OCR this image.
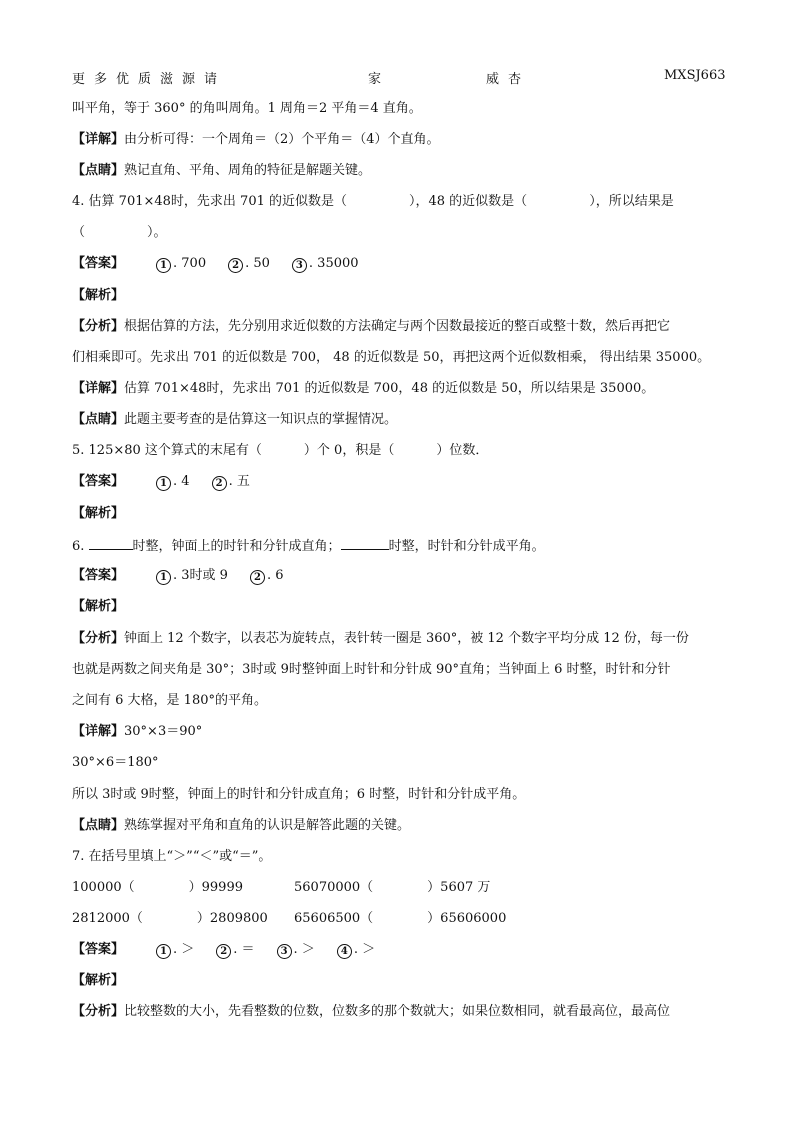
更多优质滋源请	家	威杏	MXSJ663
叫平角，等于 360° 的角叫周角。1 周角＝2 平角＝4 直角。
【详解】由分析可得：一个周角＝（2）个平角＝（4）个直角。
【点睛】熟记直角、平角、周角的特征是解题关键。
4. 估算 701×48时，先求出 701 的近似数是（	），48 的近似数是（	），所以结果是
（	）。
【答案】	1 . 700	2 . 50	3 . 35000
【解析】
【分析】根据估算的方法，先分别用求近似数的方法确定与两个因数最接近的整百或整十数，然后再把它
们相乘即可。先求出 701 的近似数是 700， 48 的近似数是 50，再把这两个近似数相乘， 得出结果 35000。
【详解】估算 701×48时，先求出 701 的近似数是 700，48 的近似数是 50，所以结果是 35000。
【点睛】此题主要考查的是估算这一知识点的掌握情况。
5. 125×80 这个算式的末尾有（	）个 0，积是（	）位数．
【答案】	1 . 4	2 . 五
【解析】
6.	时整，钟面上的时针和分针成直角；	时整，时针和分针成平角。
【答案】	1 . 3时或 9	2 . 6
【解析】
【分析】钟面上 12 个数字，以表芯为旋转点，表针转一圈是 360°，被 12 个数字平均分成 12 份，每一份
也就是两数之间夹角是 30°；3时或 9时整钟面上时针和分针成 90°直角；当钟面上 6 时整，时针和分针
之间有 6 大格，是 180°的平角。
【详解】30°×3＝90°
30°×6＝180°
所以 3时或 9时整，钟面上的时针和分针成直角；6 时整，时针和分针成平角。
【点睛】熟练掌握对平角和直角的认识是解答此题的关键。
7. 在括号里填上“＞”“＜”或“＝”。
100000（	）99999	56070000（	）5607 万
2812000（	）2809800 65606500（	）65606000
【答案】	1 . ＞	2 . ＝	3 . ＞	4 . ＞
【解析】
【分析】比较整数的大小，先看整数的位数，位数多的那个数就大；如果位数相同，就看最高位，最高位
